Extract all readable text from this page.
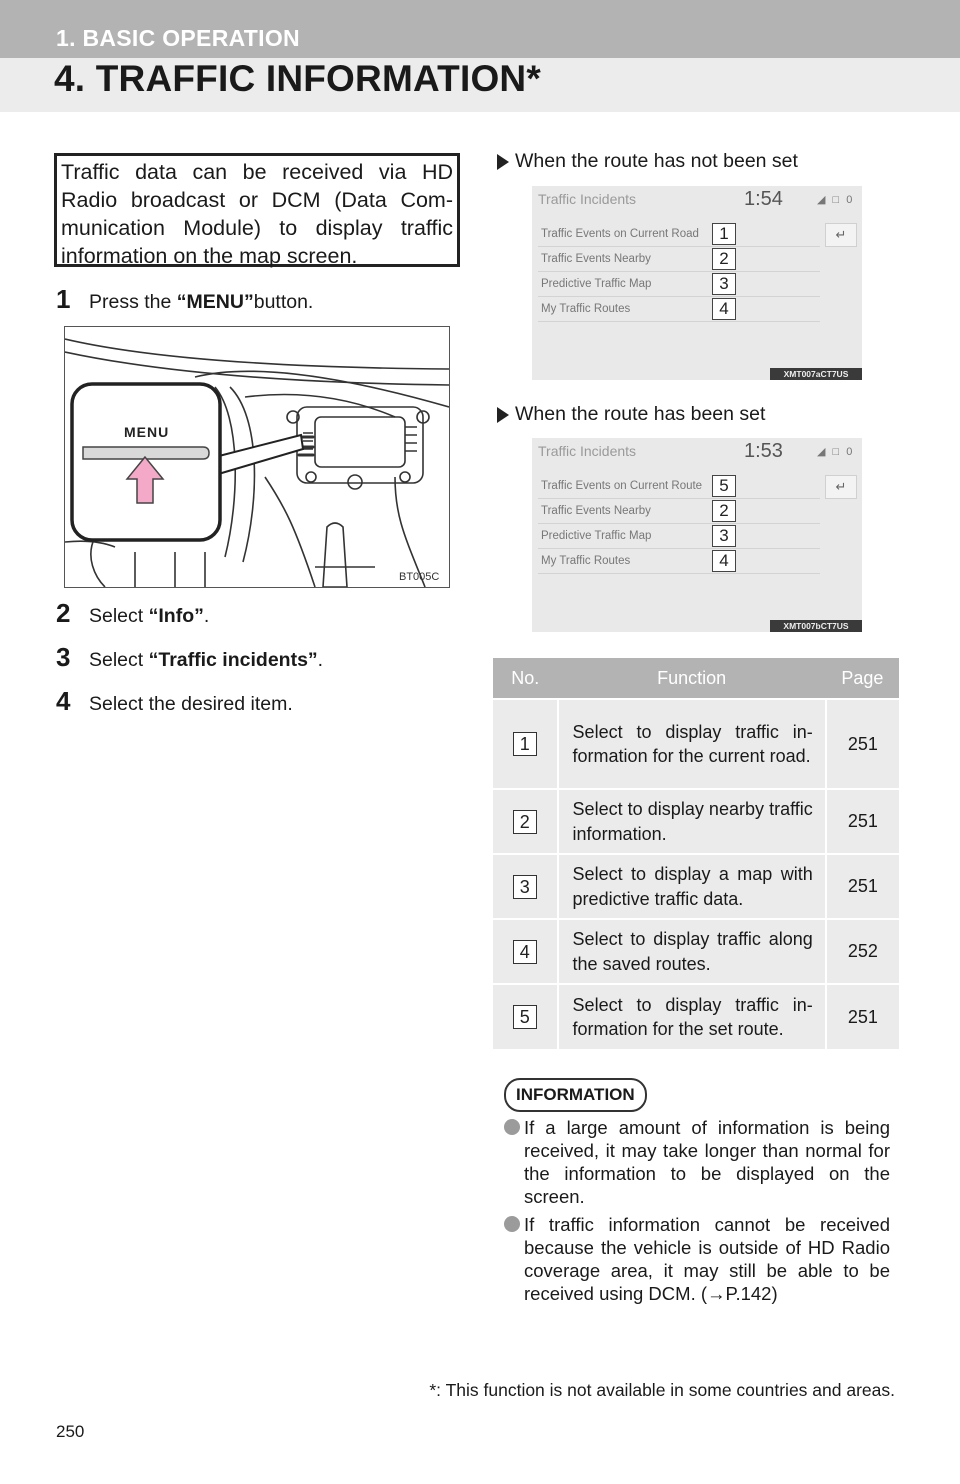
1. BASIC OPERATION
4. TRAFFIC INFORMATION*
Traffic data can be received via HD Radio broadcast or DCM (Data Com-munication Module) to display traffic information on the map screen.
1 Press the
“MENU” button.
MENU
BT005C
2 Select
“Info” .
3 Select
“Traffic incidents” .
4 Select the desired item.
When the route has not been set
Traffic Incidents	1:54	◢ □ 0
Traffic Events on Current Road
Traffic Events Nearby
Predictive Traffic Map
My Traffic Routes
1
2
3
4
↵
XMT007aCT7US
When the route has been set
Traffic Incidents	1:53	◢ □ 0
Traffic Events on Current Route
Traffic Events Nearby
Predictive Traffic Map
My Traffic Routes
5
2
3
4
↵
XMT007bCT7US
No.	Function	Page
1	Select to display traffic in-formation for the current road.	251
2	Select to display nearby traffic information.	251
3	Select to display a map with predictive traffic data.	251
4	Select to display traffic along the saved routes.	252
5	Select to display traffic in-formation for the set route.	251
INFORMATION
If a large amount of information is being received, it may take longer than normal for the information to be displayed on the screen.
If traffic information cannot be received because the vehicle is outside of HD Radio coverage area, it may still be able to be received using DCM. (→P.142)
*: This function is not available in some countries and areas.
250
